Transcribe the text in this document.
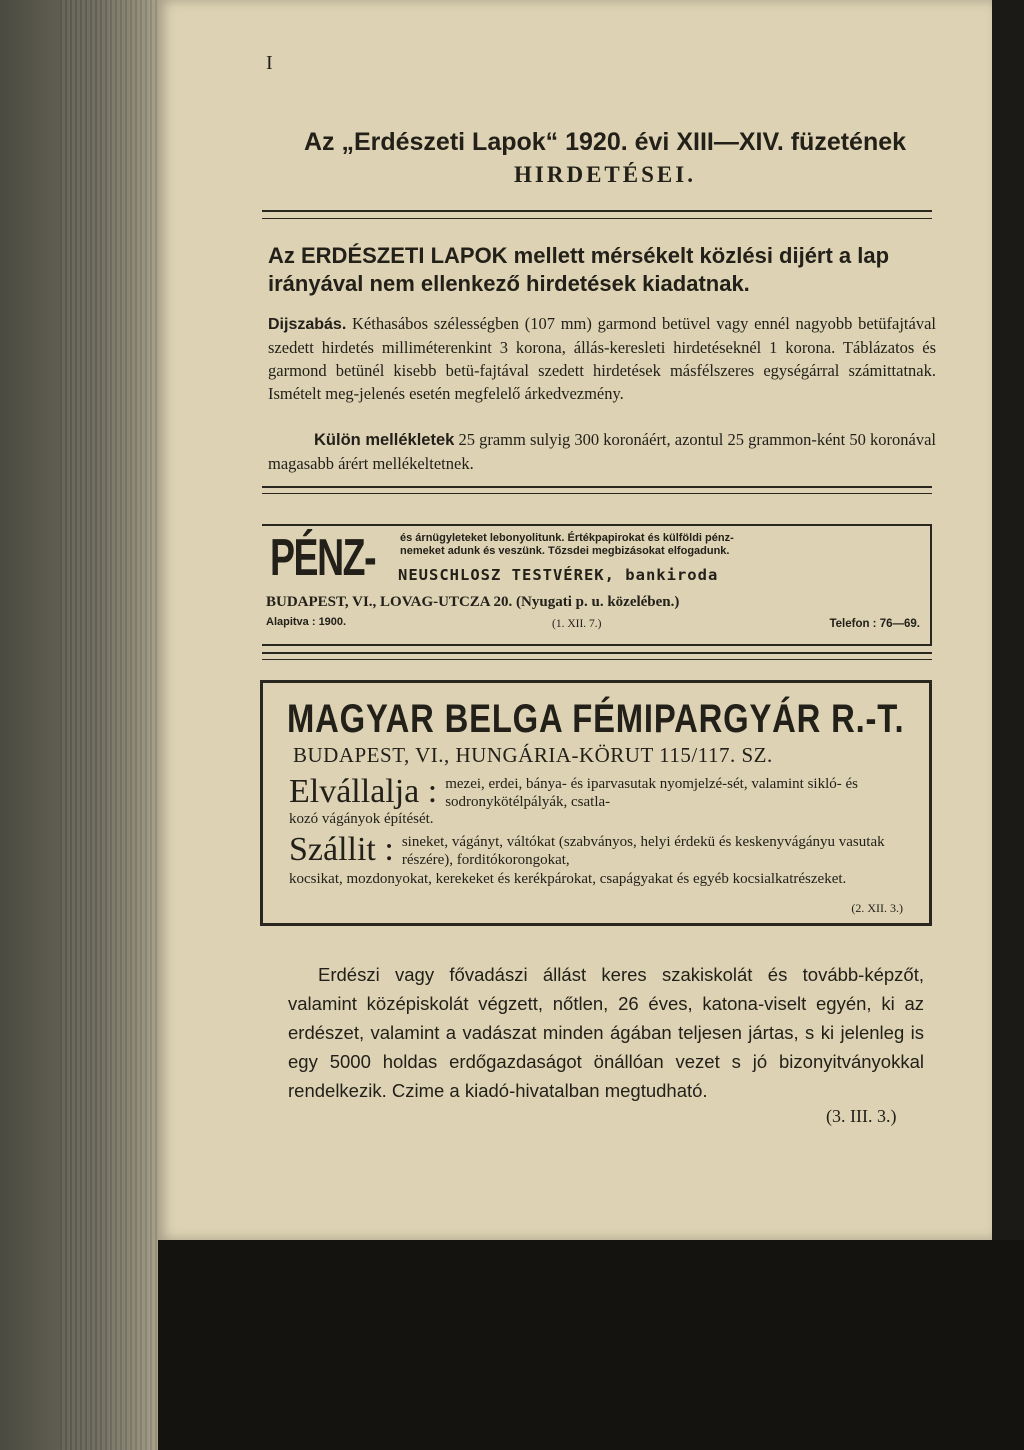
I
Az „Erdészeti Lapok“ 1920. évi XIII—XIV. füzetének
HIRDETÉSEI.
Az ERDÉSZETI LAPOK mellett mérsékelt közlési dijért a lap irányával nem ellenkező hirdetések kiadatnak.
Dijszabás. Kéthasábos szélességben (107 mm) garmond betüvel vagy ennél nagyobb betüfajtával szedett hirdetés milliméterenkint 3 korona, állás-keresleti hirdetéseknél 1 korona. Táblázatos és garmond betünél kisebb betü-fajtával szedett hirdetések másfélszeres egységárral számittatnak. Ismételt meg-jelenés esetén megfelelő árkedvezmény.
Külön mellékletek 25 gramm sulyig 300 koronáért, azontul 25 grammon-ként 50 koronával magasabb árért mellékeltetnek.
PÉNZ- és árnügyleteket lebonyolitunk. Értékpapirokat és külföldi pénz-
nemeket adunk és veszünk. Tőzsdei megbizásokat elfogadunk.
NEUSCHLOSZ TESTVÉREK, bankiroda
BUDAPEST, VI., LOVAG-UTCZA 20. (Nyugati p. u. közelében.)
Alapitva : 1900.	(1. XII. 7.)	Telefon : 76—69.
MAGYAR BELGA FÉMIPARGYÁR R.-T.
BUDAPEST, VI., HUNGÁRIA-KÖRUT 115/117. SZ.
Elvállalja : mezei, erdei, bánya- és iparvasutak nyomjelzé-sét, valamint sikló- és sodronykötélpályák, csatla-
kozó vágányok építését.
Szállit : sineket, vágányt, váltókat (szabványos, helyi érdekü és keskenyvágányu vasutak részére), forditókorongokat,
kocsikat, mozdonyokat, kerekeket és kerékpárokat, csapágyakat és egyéb kocsialkatrészeket.
(2. XII. 3.)
Erdészi vagy fővadászi állást keres szakiskolát és tovább-képzőt, valamint középiskolát végzett, nőtlen, 26 éves, katona-viselt egyén, ki az erdészet, valamint a vadászat minden ágában teljesen jártas, s ki jelenleg is egy 5000 holdas erdőgazdaságot önállóan vezet s jó bizonyitványokkal rendelkezik. Czime a kiadó-hivatalban megtudható.
(3. III. 3.)
